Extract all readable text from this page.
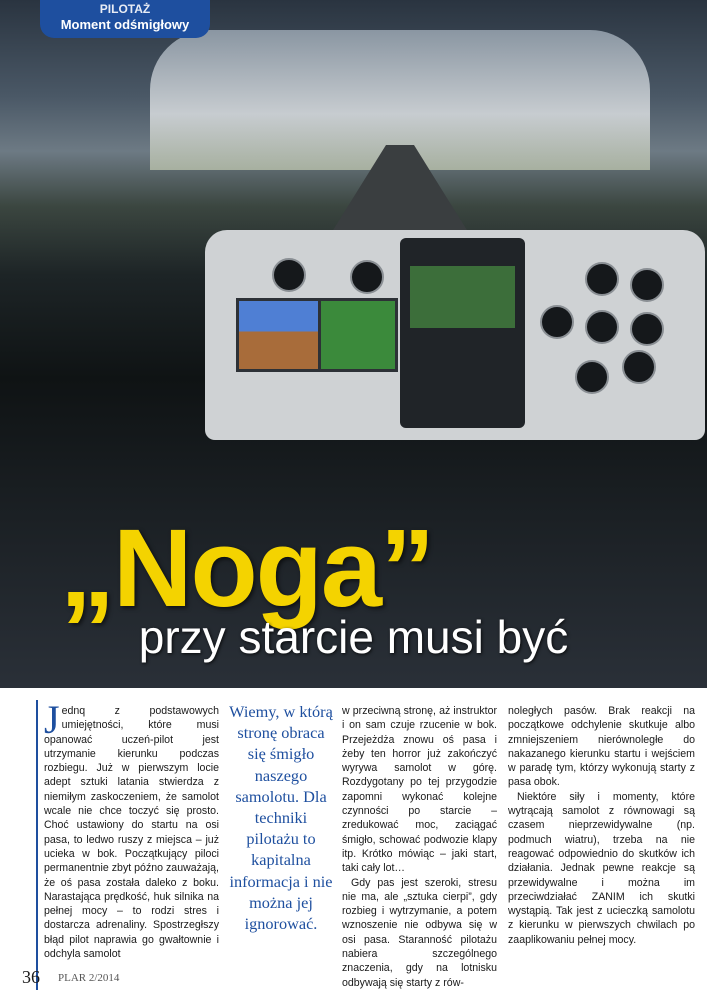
PILOTAŻ
Moment odśmigłowy
„Noga”
przy starcie musi być

Jednq z podstawowych umiejętności, które musi opanować uczeń-pilot jest utrzymanie kierunku podczas rozbiegu. Już w pierwszym locie adept sztuki latania stwierdza z niemiłym zaskoczeniem, że samolot wcale nie chce toczyć się prosto. Choć ustawiony do startu na osi pasa, to ledwo ruszy z miejsca – już ucieka w bok. Początkujący piloci permanentnie zbyt późno zauważają, że oś pasa została daleko z boku. Narastająca prędkość, huk silnika na pełnej mocy – to rodzi stres i dostarcza adrenaliny. Spostrzegłszy błąd pilot naprawia go gwałtownie i odchyla samolot

Wiemy, w którą stronę obraca się śmigło naszego samolotu. Dla techniki pilotażu to kapitalna informacja i nie można jej ignorować.

w przeciwną stronę, aż instruktor i on sam czuje rzucenie w bok. Przejeżdża znowu oś pasa i żeby ten horror już zakończyć wyrywa samolot w górę. Rozdygotany po tej przygodzie zapomni wykonać kolejne czynności po starcie – zredukować moc, zaciągać śmigło, schować podwozie klapy itp. Krótko mówiąc – jaki start, taki cały lot…

Gdy pas jest szeroki, stresu nie ma, ale „sztuka cierpi”, gdy rozbieg i wytrzymanie, a potem wznoszenie nie odbywa się w osi pasa. Staranność pilotażu nabiera szczególnego znaczenia, gdy na lotnisku odbywają się starty z rów-

noległych pasów. Brak reakcji na początkowe odchylenie skutkuje albo zmniejszeniem nierównoległe do nakazanego kierunku startu i wejściem w paradę tym, którzy wykonują starty z pasa obok.

Niektóre siły i momenty, które wytrącają samolot z równowagi są czasem nieprzewidywalne (np. podmuch wiatru), trzeba na nie reagować odpowiednio do skutków ich działania. Jednak pewne reakcje są przewidywalne i można im przeciwdziałać ZANIM ich skutki wystąpią. Tak jest z ucieczką samolotu z kierunku w pierwszych chwilach po zaaplikowaniu pełnej mocy.

36 PLAR 2/2014
